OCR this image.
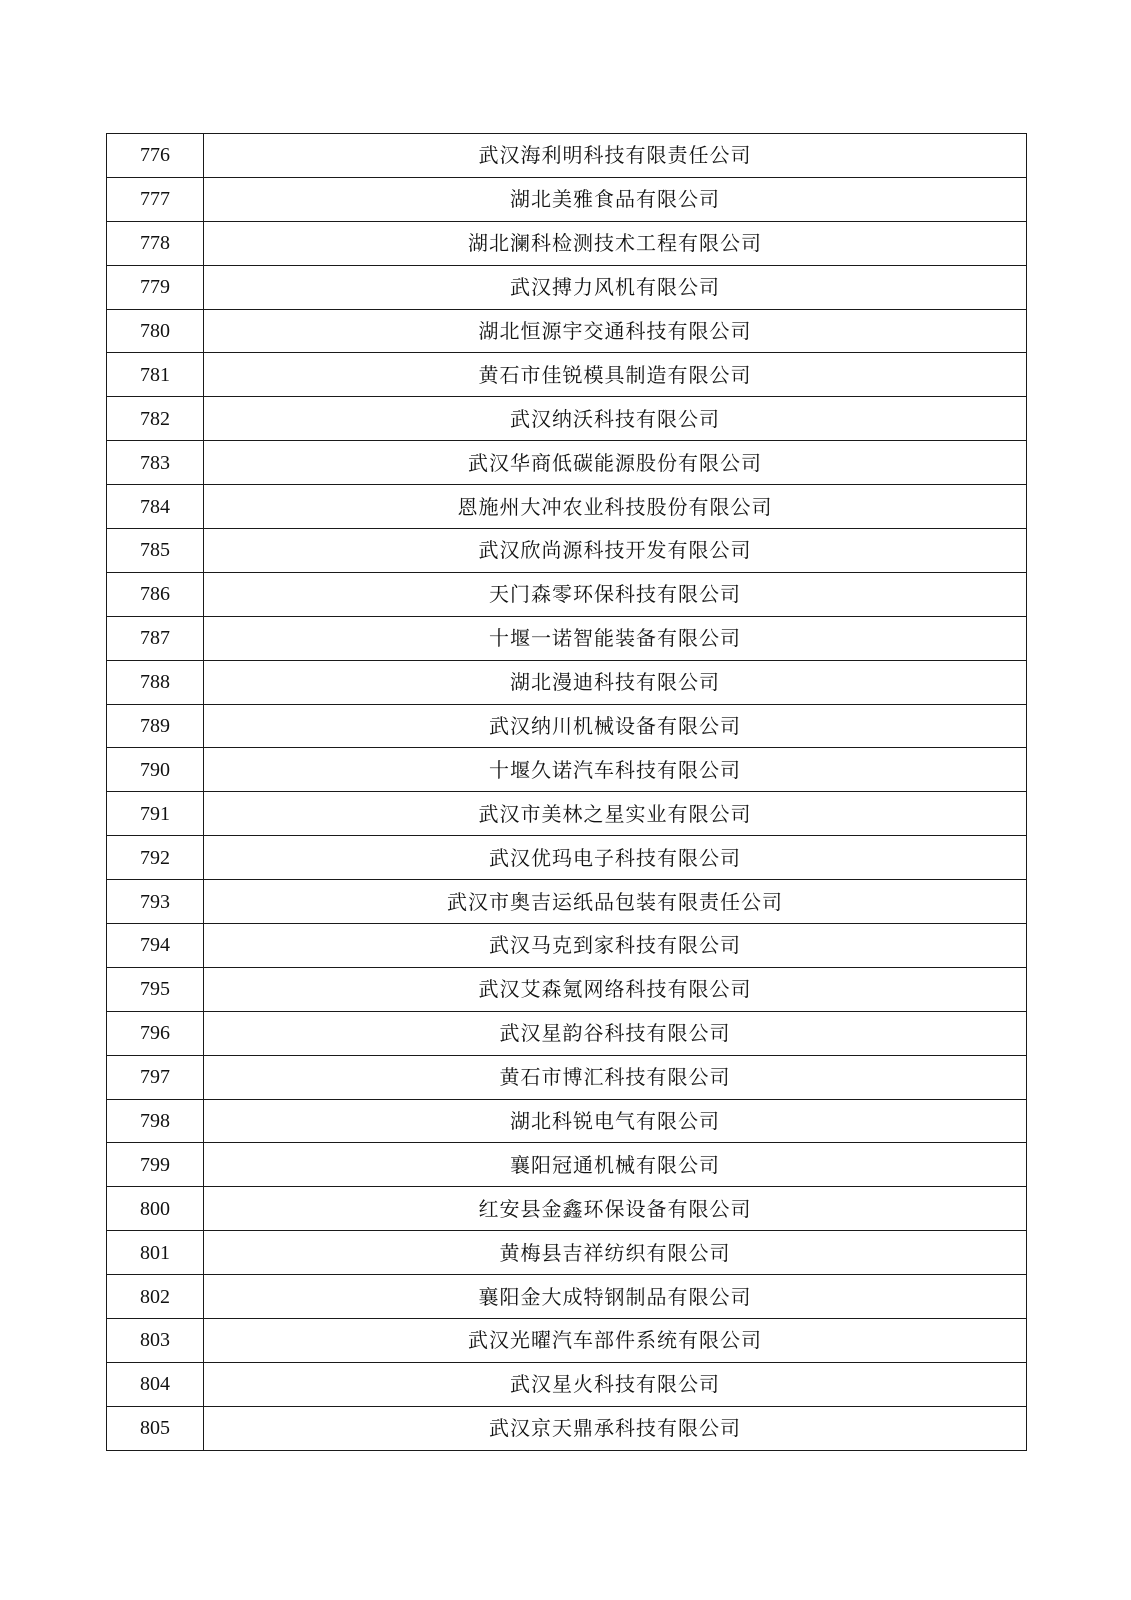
776	武汉海利明科技有限责任公司
777	湖北美雅食品有限公司
778	湖北澜科检测技术工程有限公司
779	武汉搏力风机有限公司
780	湖北恒源宇交通科技有限公司
781	黄石市佳锐模具制造有限公司
782	武汉纳沃科技有限公司
783	武汉华商低碳能源股份有限公司
784	恩施州大冲农业科技股份有限公司
785	武汉欣尚源科技开发有限公司
786	天门森零环保科技有限公司
787	十堰一诺智能装备有限公司
788	湖北漫迪科技有限公司
789	武汉纳川机械设备有限公司
790	十堰久诺汽车科技有限公司
791	武汉市美林之星实业有限公司
792	武汉优玛电子科技有限公司
793	武汉市奥吉运纸品包装有限责任公司
794	武汉马克到家科技有限公司
795	武汉艾森氪网络科技有限公司
796	武汉星韵谷科技有限公司
797	黄石市博汇科技有限公司
798	湖北科锐电气有限公司
799	襄阳冠通机械有限公司
800	红安县金鑫环保设备有限公司
801	黄梅县吉祥纺织有限公司
802	襄阳金大成特钢制品有限公司
803	武汉光曜汽车部件系统有限公司
804	武汉星火科技有限公司
805	武汉京天鼎承科技有限公司
